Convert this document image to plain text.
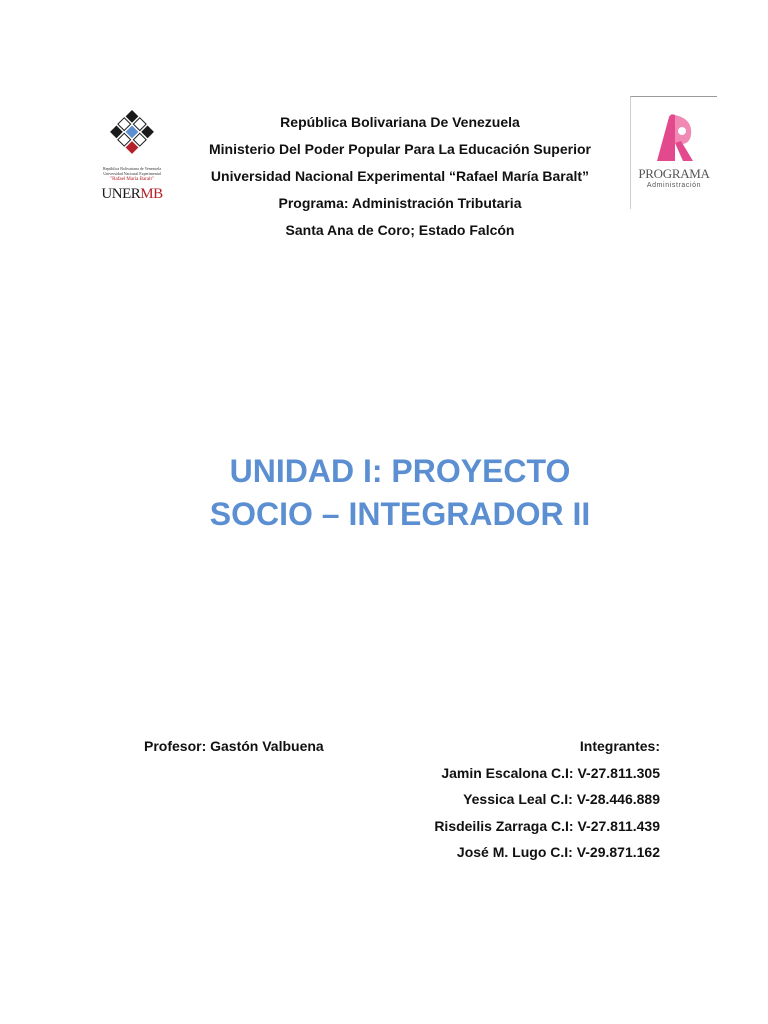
República Bolivariana de Venezuela
Universidad Nacional Experimental
"Rafael María Baralt"
UNERMB
PROGRAMA
Administración
República Bolivariana De Venezuela
Ministerio Del Poder Popular Para La Educación Superior
Universidad Nacional Experimental “Rafael María Baralt”
Programa: Administración Tributaria
Santa Ana de Coro; Estado Falcón
UNIDAD I: PROYECTO
SOCIO – INTEGRADOR II
Profesor: Gastón Valbuena	Integrantes:
Jamin Escalona C.I: V-27.811.305
Yessica Leal C.I: V-28.446.889
Risdeilis Zarraga C.I: V-27.811.439
José M. Lugo C.I: V-29.871.162
